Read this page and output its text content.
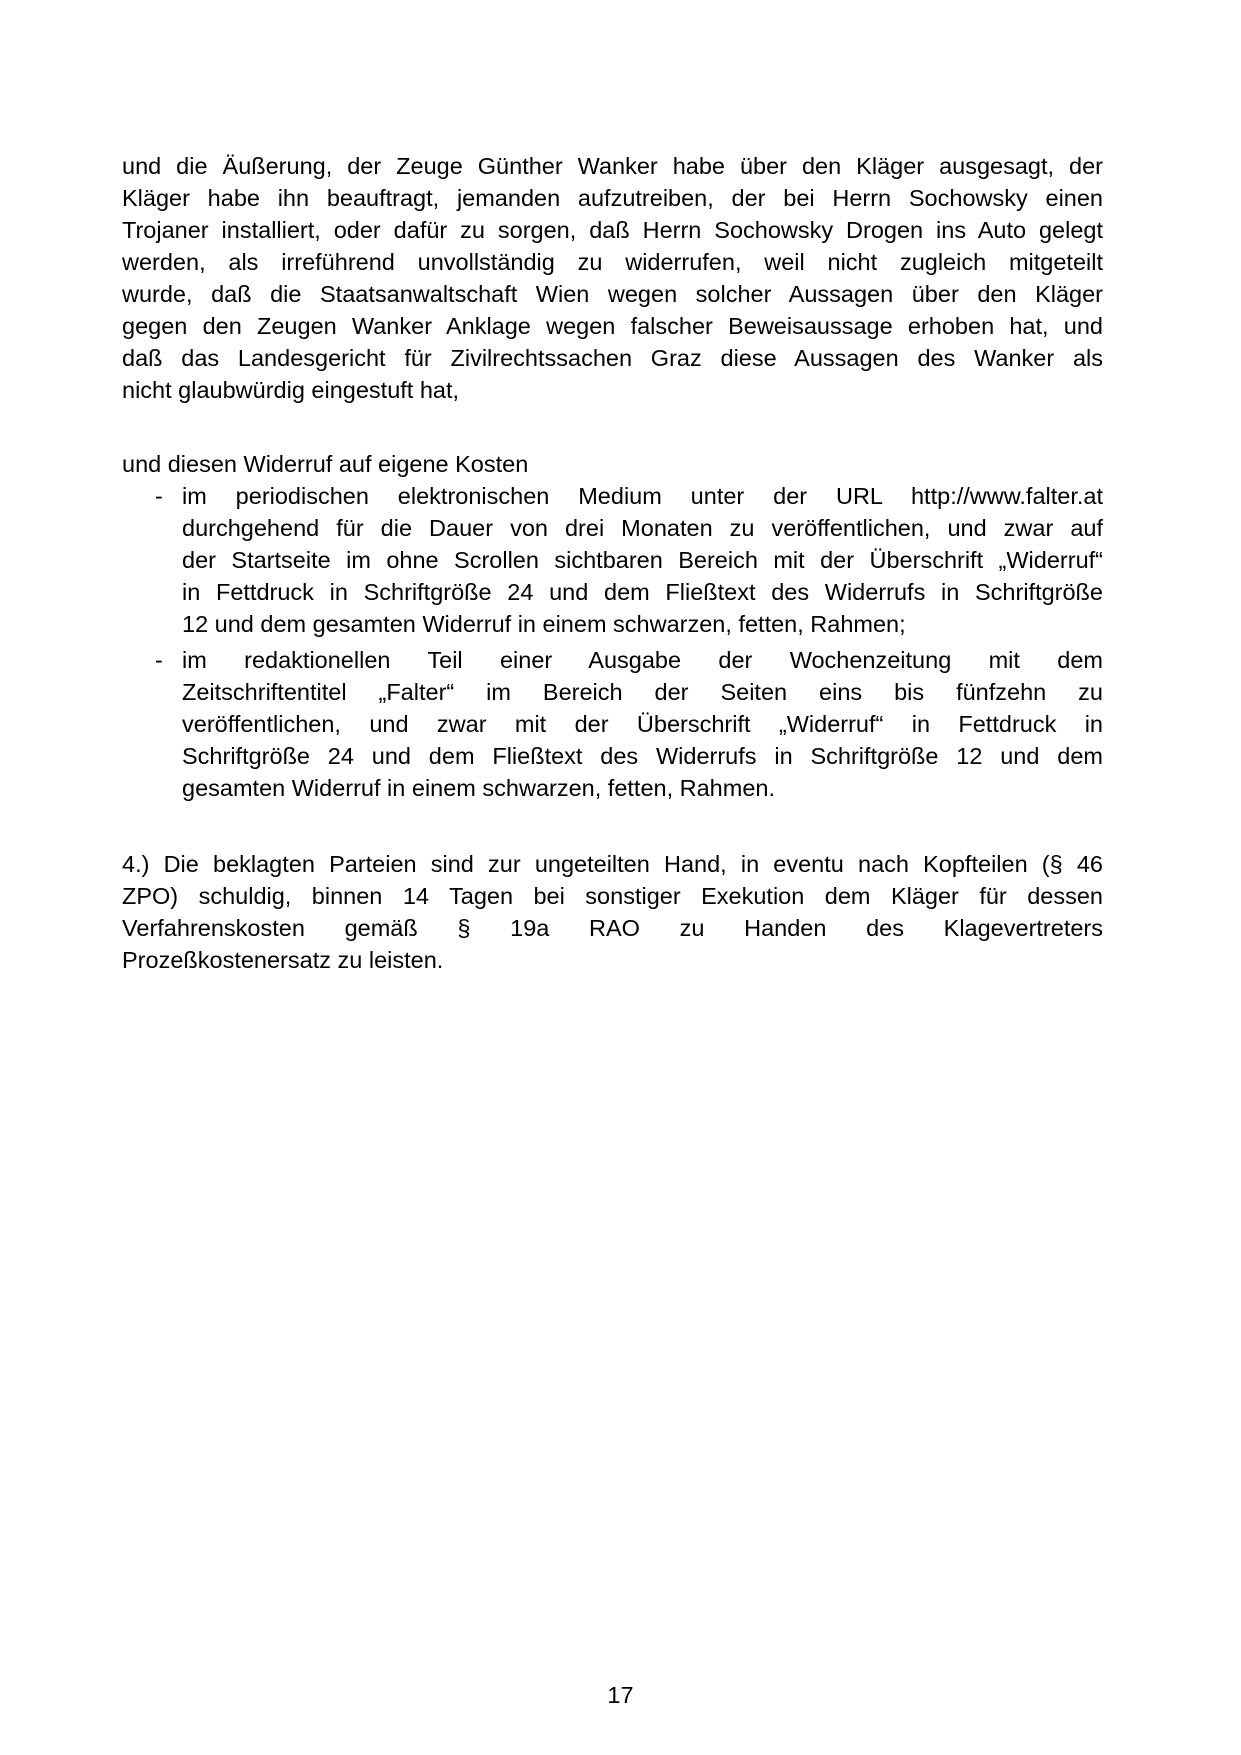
und die Äußerung, der Zeuge Günther Wanker habe über den Kläger ausgesagt, der
Kläger habe ihn beauftragt, jemanden aufzutreiben, der bei Herrn Sochowsky einen
Trojaner installiert, oder dafür zu sorgen, daß Herrn Sochowsky Drogen ins Auto gelegt
werden, als irreführend unvollständig zu widerrufen, weil nicht zugleich mitgeteilt
wurde, daß die Staatsanwaltschaft Wien wegen solcher Aussagen über den Kläger
gegen den Zeugen Wanker Anklage wegen falscher Beweisaussage erhoben hat, und
daß das Landesgericht für Zivilrechtssachen Graz diese Aussagen des Wanker als
nicht glaubwürdig eingestuft hat,
und diesen Widerruf auf eigene Kosten
- im periodischen elektronischen Medium unter der URL http://www.falter.at
durchgehend für die Dauer von drei Monaten zu veröffentlichen, und zwar auf
der Startseite im ohne Scrollen sichtbaren Bereich mit der Überschrift „Widerruf“
in Fettdruck in Schriftgröße 24 und dem Fließtext des Widerrufs in Schriftgröße
12 und dem gesamten Widerruf in einem schwarzen, fetten, Rahmen;
- im redaktionellen Teil einer Ausgabe der Wochenzeitung mit dem
Zeitschriftentitel „Falter“ im Bereich der Seiten eins bis fünfzehn zu
veröffentlichen, und zwar mit der Überschrift „Widerruf“ in Fettdruck in
Schriftgröße 24 und dem Fließtext des Widerrufs in Schriftgröße 12 und dem
gesamten Widerruf in einem schwarzen, fetten, Rahmen.
4.) Die beklagten Parteien sind zur ungeteilten Hand, in eventu nach Kopfteilen (§ 46
ZPO) schuldig, binnen 14 Tagen bei sonstiger Exekution dem Kläger für dessen
Verfahrenskosten gemäß § 19a RAO zu Handen des Klagevertreters
Prozeßkostenersatz zu leisten.
17
